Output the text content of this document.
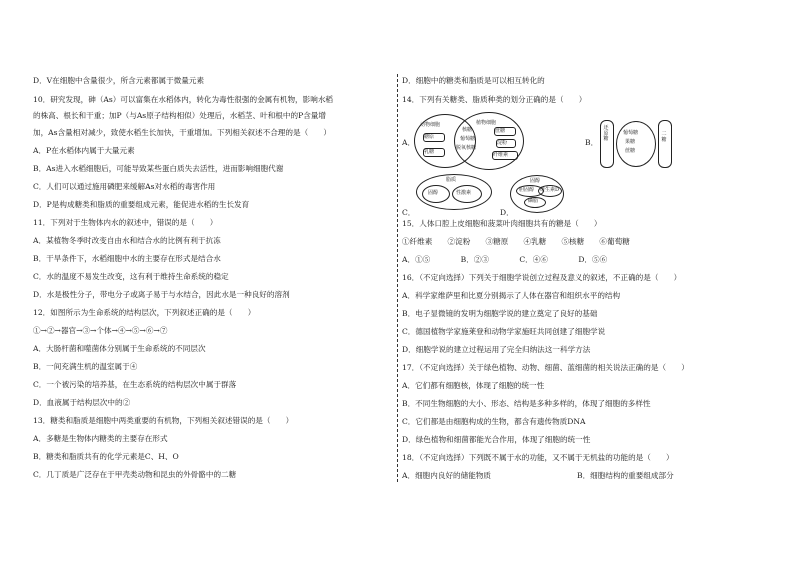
D．V在细胞中含量很少，所含元素都属于微量元素
10．研究发现，砷（As）可以富集在水稻体内，转化为毒性很强的金属有机物，影响水稻
的株高、根长和干重；加P（与As原子结构相似）处理后，水稻茎、叶和根中的P含量增
加，As含量相对减少，致使水稻生长加快，干重增加。下列相关叙述不合理的是（　　）
A．P在水稻体内属于大量元素
B．As进入水稻细胞后，可能导致某些蛋白质失去活性，进而影响细胞代谢
C．人们可以通过施用磷肥来缓解As对水稻的毒害作用
D．P是构成糖类和脂质的重要组成元素，能促进水稻的生长发育
11．下列对于生物体内水的叙述中，错误的是（　　）
A．某植物冬季时改变自由水和结合水的比例有利于抗冻
B．干旱条件下，水稻细胞中水的主要存在形式是结合水
C．水的温度不易发生改变，这有利于维持生命系统的稳定
D．水是极性分子，带电分子或离子易于与水结合，因此水是一种良好的溶剂
12．如图所示为生命系统的结构层次，下列叙述正确的是（　　）
①→②→器官→③→个体→④→⑤→⑥→⑦
A．大肠杆菌和噬菌体分别属于生命系统的不同层次
B．一间充满生机的温室属于④
C．一个被污染的培养基，在生态系统的结构层次中属于群落
D．血液属于结构层次中的②
13．糖类和脂质是细胞中两类重要的有机物，下列相关叙述错误的是（　　）
A．多糖是生物体内糖类的主要存在形式
B．糖类和脂质共有的化学元素是C、H、O
C．几丁质是广泛存在于甲壳类动物和昆虫的外骨骼中的二糖
D．细胞中的糖类和脂质是可以相互转化的
14．下列有关糖类、脂质种类的划分正确的是（　　）
A．
动物细胞	植物细胞
糖原
乳糖
核糖
葡萄糖
脱氧核糖
蔗糖
淀粉
纤维素
B．
还原糖
葡萄糖
果糖
蔗糖
二糖
C．
脂质
固醇	性激素
D．
固醇
胆固醇 维生素D
磷脂
15．人体口腔上皮细胞和菠菜叶肉细胞共有的糖是（　　）
①纤维素　　②淀粉　　③糖原　　④乳糖　　⑤核糖　　⑥葡萄糖
A．①⑤　　　　B．②③　　　　C．④⑥　　　　D．⑤⑥
16．（不定向选择）下列关于细胞学说创立过程及意义的叙述，不正确的是（　　）
A．科学家维萨里和比夏分别揭示了人体在器官和组织水平的结构
B．电子显微镜的发明为细胞学说的建立奠定了良好的基础
C．德国植物学家施莱登和动物学家施旺共同创建了细胞学说
D．细胞学说的建立过程运用了完全归纳法这一科学方法
17．（不定向选择）关于绿色植物、动物、细菌、蓝细菌的相关说法正确的是（　　）
A．它们都有细胞核，体现了细胞的统一性
B．不同生物细胞的大小、形态、结构是多种多样的，体现了细胞的多样性
C．它们都是由细胞构成的生物，都含有遗传物质DNA
D．绿色植物和细菌都能光合作用，体现了细胞的统一性
18．（不定向选择）下列既不属于水的功能，又不属于无机盐的功能的是（　　）
A．细胞内良好的储能物质	B．细胞结构的重要组成部分
